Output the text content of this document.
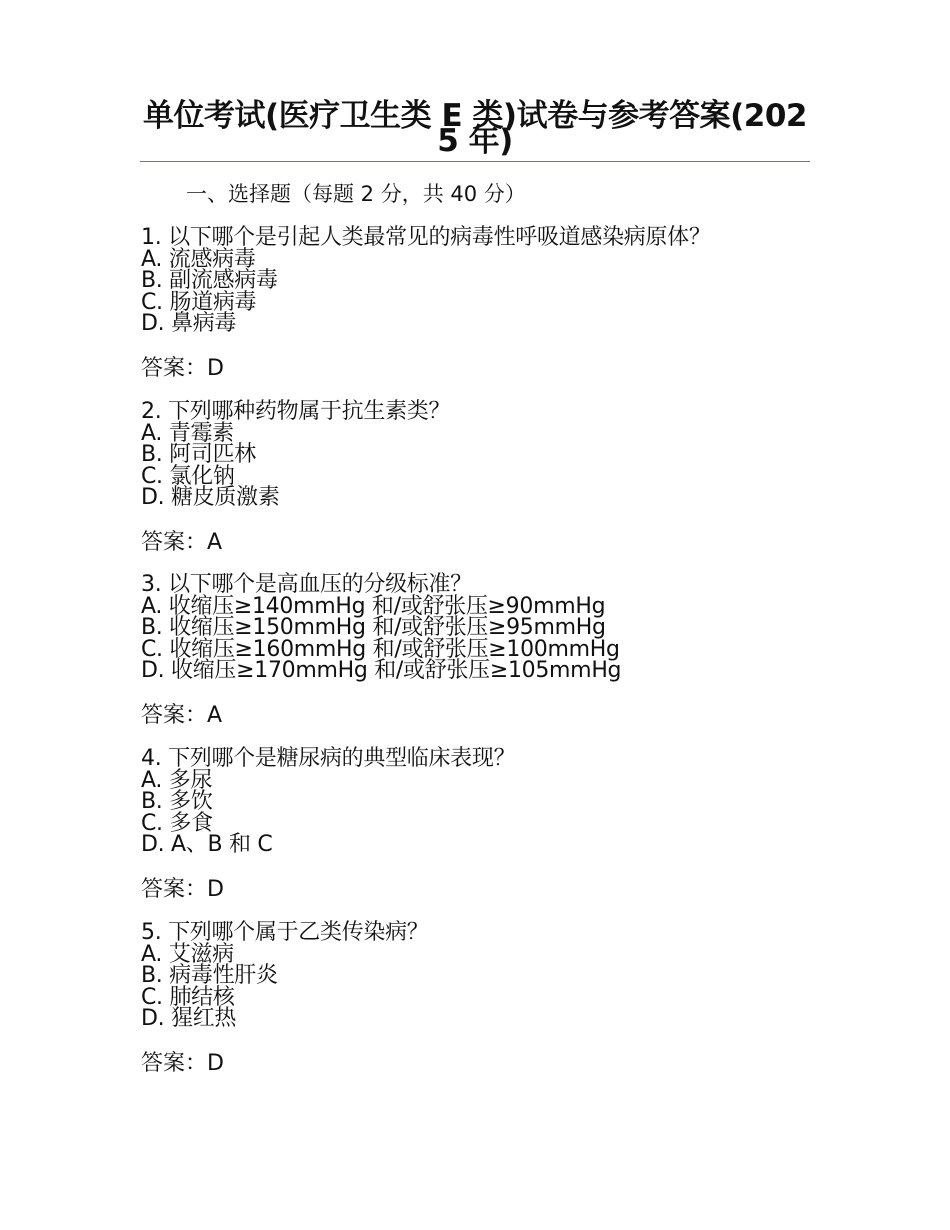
单位考试(医疗卫生类 E 类)试卷与参考答案(2025 年)
一、选择题（每题 2 分，共 40 分）
1. 以下哪个是引起人类最常见的病毒性呼吸道感染病原体？
A. 流感病毒
B. 副流感病毒
C. 肠道病毒
D. 鼻病毒
答案：D
2. 下列哪种药物属于抗生素类？
A. 青霉素
B. 阿司匹林
C. 氯化钠
D. 糖皮质激素
答案：A
3. 以下哪个是高血压的分级标准？
A. 收缩压≥140mmHg 和/或舒张压≥90mmHg
B. 收缩压≥150mmHg 和/或舒张压≥95mmHg
C. 收缩压≥160mmHg 和/或舒张压≥100mmHg
D. 收缩压≥170mmHg 和/或舒张压≥105mmHg
答案：A
4. 下列哪个是糖尿病的典型临床表现？
A. 多尿
B. 多饮
C. 多食
D. A、B 和 C
答案：D
5. 下列哪个属于乙类传染病？
A. 艾滋病
B. 病毒性肝炎
C. 肺结核
D. 猩红热
答案：D
